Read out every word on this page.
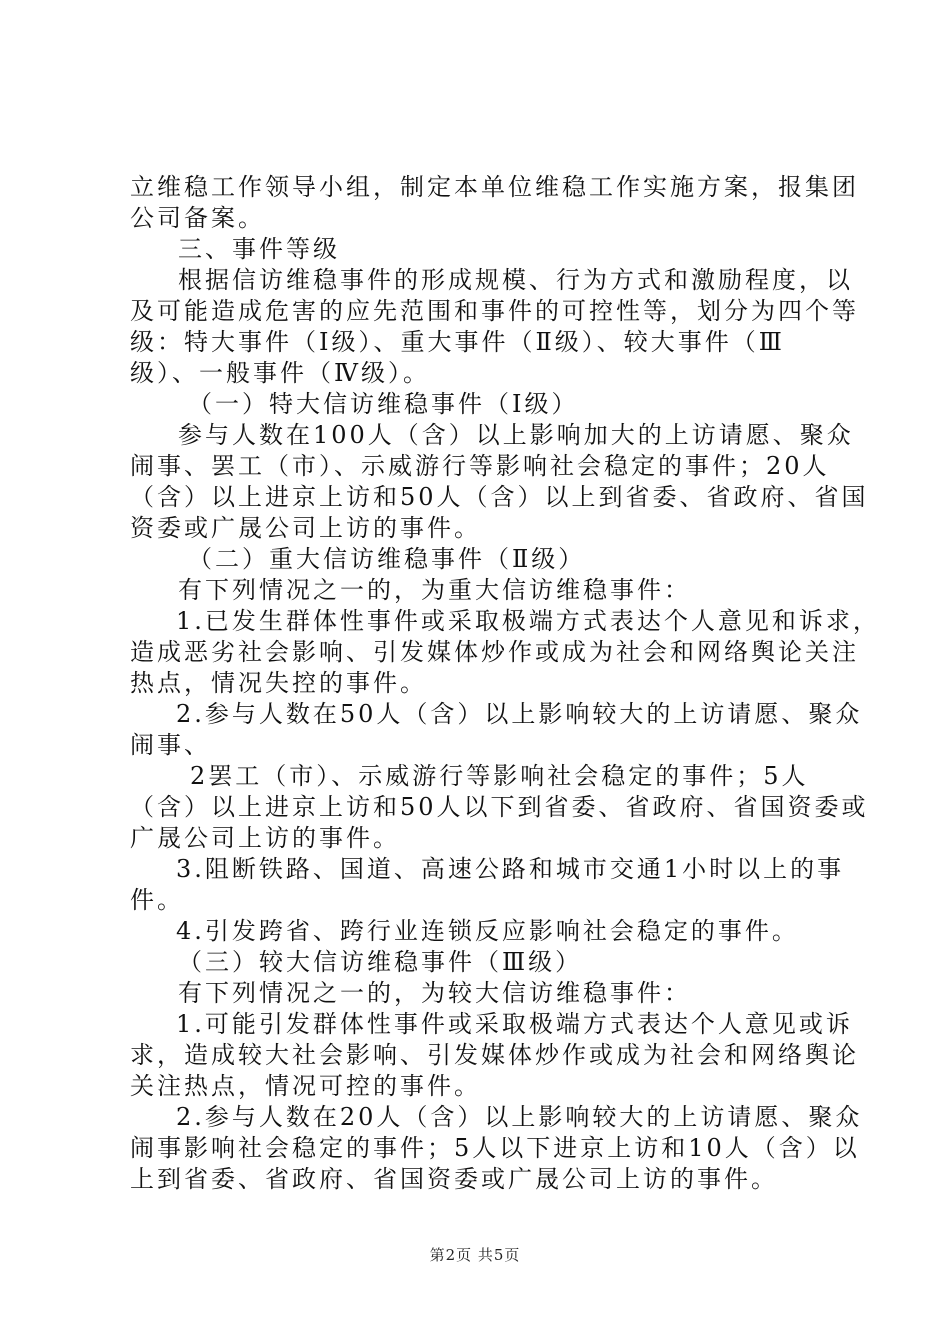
立维稳工作领导小组，制定本单位维稳工作实施方案，报集团
公司备案。
三、事件等级
根据信访维稳事件的形成规模、行为方式和激励程度，以
及可能造成危害的应先范围和事件的可控性等，划分为四个等
级：特大事件（Ⅰ级）、重大事件（Ⅱ级）、较大事件（Ⅲ
级）、一般事件（Ⅳ级）。
（一）特大信访维稳事件（Ⅰ级）
参与人数在100人（含）以上影响加大的上访请愿、聚众
闹事、罢工（市）、示威游行等影响社会稳定的事件；20人
（含）以上进京上访和50人（含）以上到省委、省政府、省国
资委或广晟公司上访的事件。
（二）重大信访维稳事件（Ⅱ级）
有下列情况之一的，为重大信访维稳事件：
1.已发生群体性事件或采取极端方式表达个人意见和诉求，
造成恶劣社会影响、引发媒体炒作或成为社会和网络舆论关注
热点，情况失控的事件。
2.参与人数在50人（含）以上影响较大的上访请愿、聚众
闹事、
2罢工（市）、示威游行等影响社会稳定的事件；5人
（含）以上进京上访和50人以下到省委、省政府、省国资委或
广晟公司上访的事件。
3.阻断铁路、国道、高速公路和城市交通1小时以上的事
件。
4.引发跨省、跨行业连锁反应影响社会稳定的事件。
（三）较大信访维稳事件（Ⅲ级）
有下列情况之一的，为较大信访维稳事件：
1.可能引发群体性事件或采取极端方式表达个人意见或诉
求，造成较大社会影响、引发媒体炒作或成为社会和网络舆论
关注热点，情况可控的事件。
2.参与人数在20人（含）以上影响较大的上访请愿、聚众
闹事影响社会稳定的事件；5人以下进京上访和10人（含）以
上到省委、省政府、省国资委或广晟公司上访的事件。
第2页 共5页
